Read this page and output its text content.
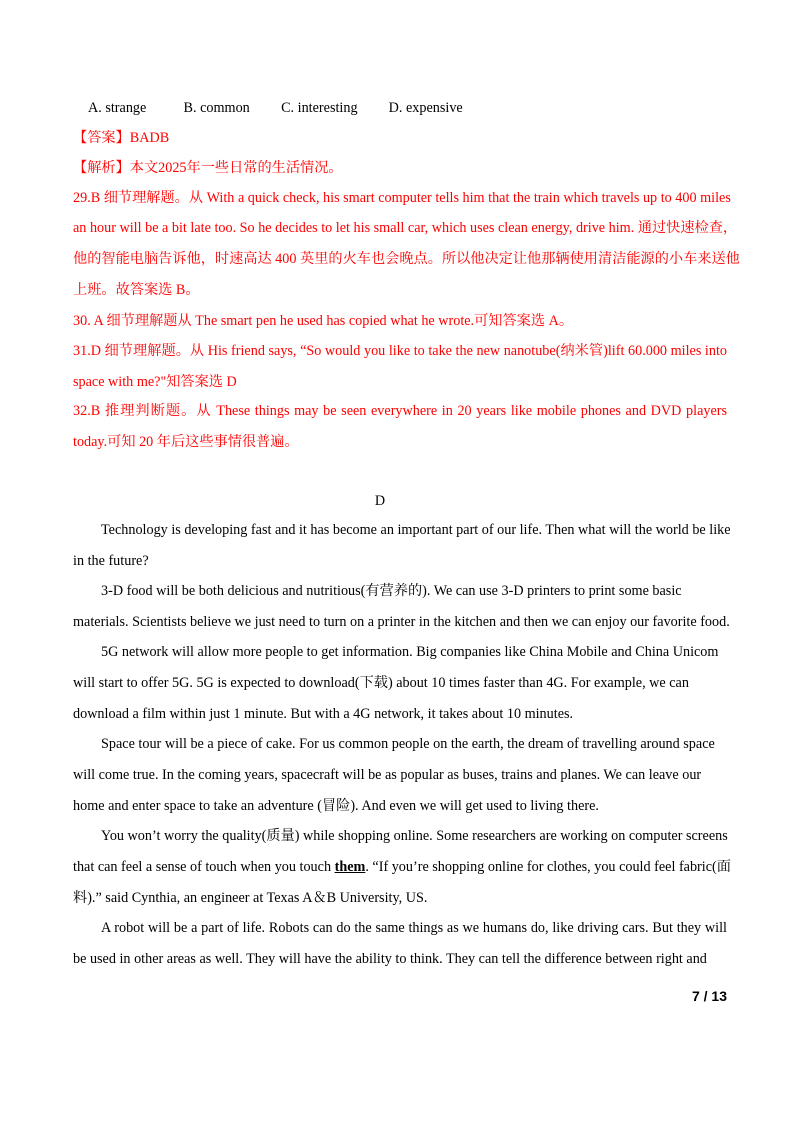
A. strange	B. common C. interesting D. expensive
【答案】BADB
【解析】本文2025年一些日常的生活情况。
29.B 细节理解题。从 With a quick check, his smart computer tells him that the train which travels up to 400 miles
an hour will be a bit late too. So he decides to let his small car, which uses clean energy, drive him. 通过快速检查，
他的智能电脑告诉他，时速高达 400 英里的火车也会晚点。所以他决定让他那辆使用清洁能源的小车来送他
上班。故答案选 B。
30. A 细节理解题从 The smart pen he used has copied what he wrote.可知答案选 A。
31.D 细节理解题。从 His friend says, “So would you like to take the new nanotube(纳米管)lift 60.000 miles into
space with me?"知答案选 D
32.B 推理判断题。从 These things may be seen everywhere in 20 years like mobile phones and DVD players
today.可知 20 年后这些事情很普遍。
D
Technology is developing fast and it has become an important part of our life. Then what will the world be like
in the future?
3-D food will be both delicious and nutritious(有营养的). We can use 3-D printers to print some basic
materials. Scientists believe we just need to turn on a printer in the kitchen and then we can enjoy our favorite food.
5G network will allow more people to get information. Big companies like China Mobile and China Unicom
will start to offer 5G. 5G is expected to download(下载) about 10 times faster than 4G. For example, we can
download a film within just 1 minute. But with a 4G network, it takes about 10 minutes.
Space tour will be a piece of cake. For us common people on the earth, the dream of travelling around space
will come true. In the coming years, spacecraft will be as popular as buses, trains and planes. We can leave our
home and enter space to take an adventure (冒险). And even we will get used to living there.
You won’t worry the quality(质量) while shopping online. Some researchers are working on computer screens
that can feel a sense of touch when you touch them. “If you’re shopping online for clothes, you could feel fabric(面
料).” said Cynthia, an engineer at Texas A＆B University, US.
A robot will be a part of life. Robots can do the same things as we humans do, like driving cars. But they will
be used in other areas as well. They will have the ability to think. They can tell the difference between right and
7 / 13
